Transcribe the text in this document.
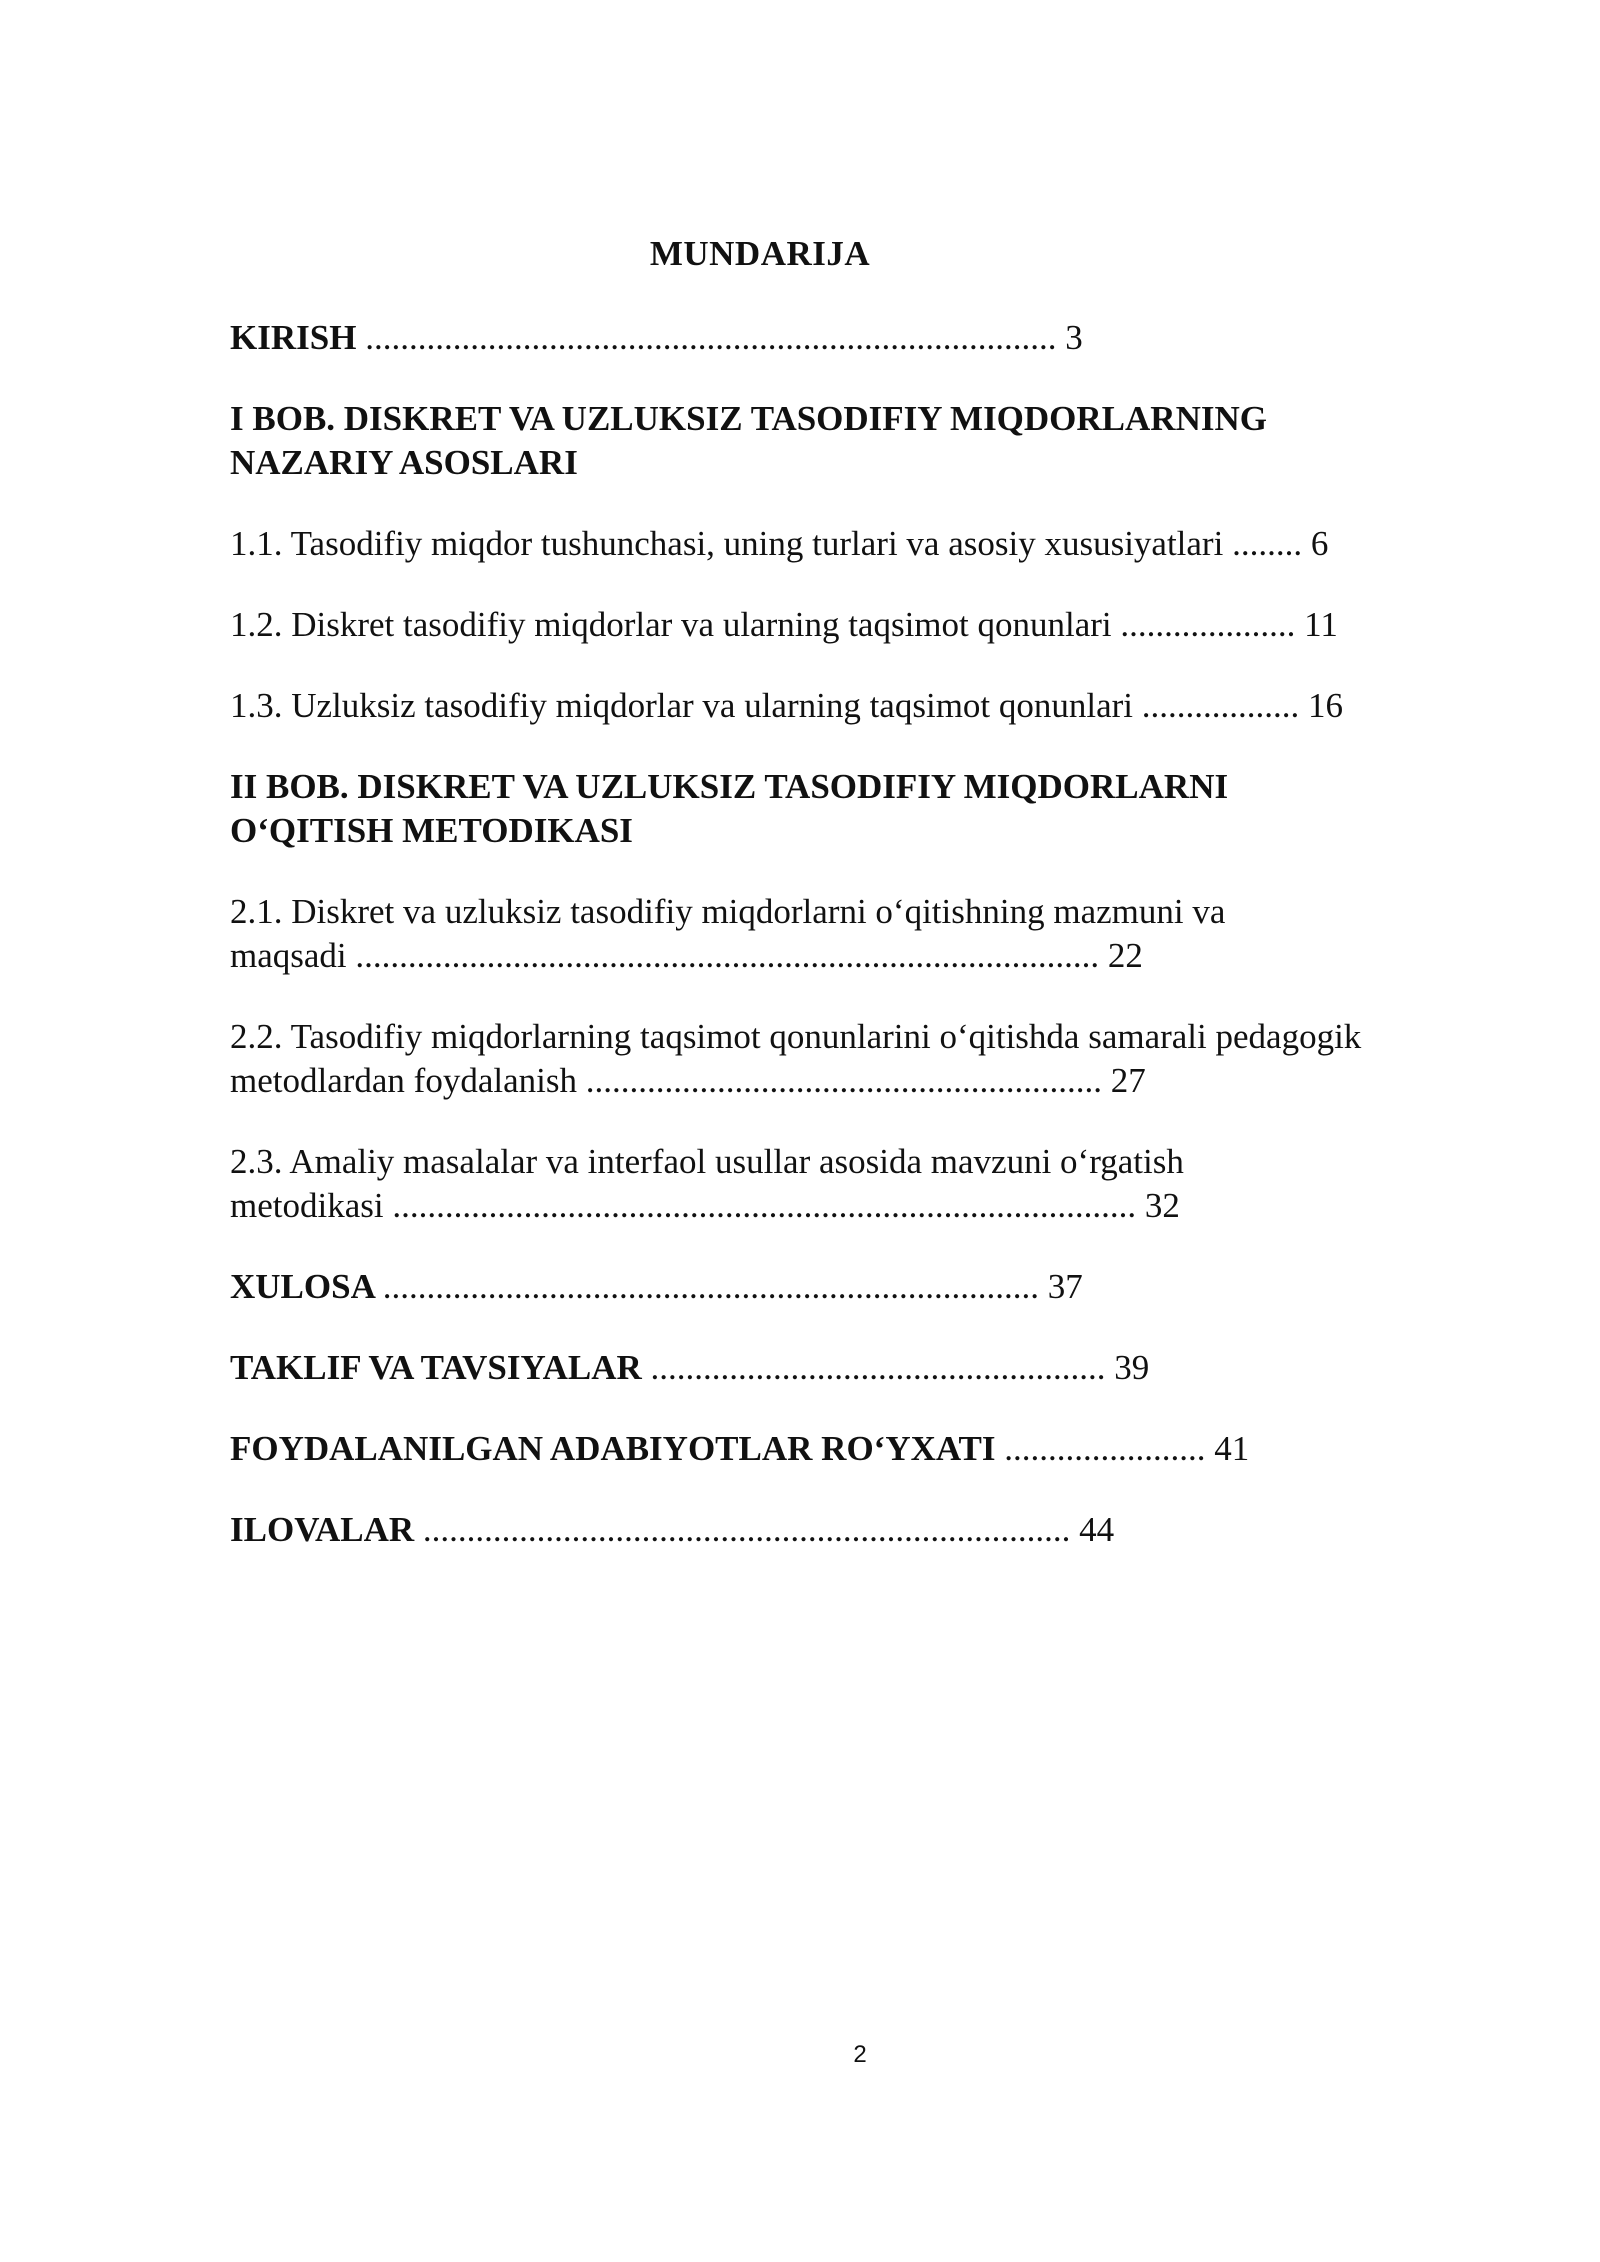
MUNDARIJA
KIRISH ............................................................................... 3
I BOB. DISKRET VA UZLUKSIZ TASODIFIY MIQDORLARNING
NAZARIY ASOSLARI
1.1. Tasodifiy miqdor tushunchasi, uning turlari va asosiy xususiyatlari ........ 6
1.2. Diskret tasodifiy miqdorlar va ularning taqsimot qonunlari .................... 11
1.3. Uzluksiz tasodifiy miqdorlar va ularning taqsimot qonunlari .................. 16
II BOB. DISKRET VA UZLUKSIZ TASODIFIY MIQDORLARNI
O‘QITISH METODIKASI
2.1. Diskret va uzluksiz tasodifiy miqdorlarni o‘qitishning mazmuni va
maqsadi ..................................................................................... 22
2.2. Tasodifiy miqdorlarning taqsimot qonunlarini o‘qitishda samarali pedagogik
metodlardan foydalanish ........................................................... 27
2.3. Amaliy masalalar va interfaol usullar asosida mavzuni o‘rgatish
metodikasi ..................................................................................... 32
XULOSA ........................................................................... 37
TAKLIF VA TAVSIYALAR .................................................... 39
FOYDALANILGAN ADABIYOTLAR RO‘YXATI ....................... 41
ILOVALAR .......................................................................... 44
2
